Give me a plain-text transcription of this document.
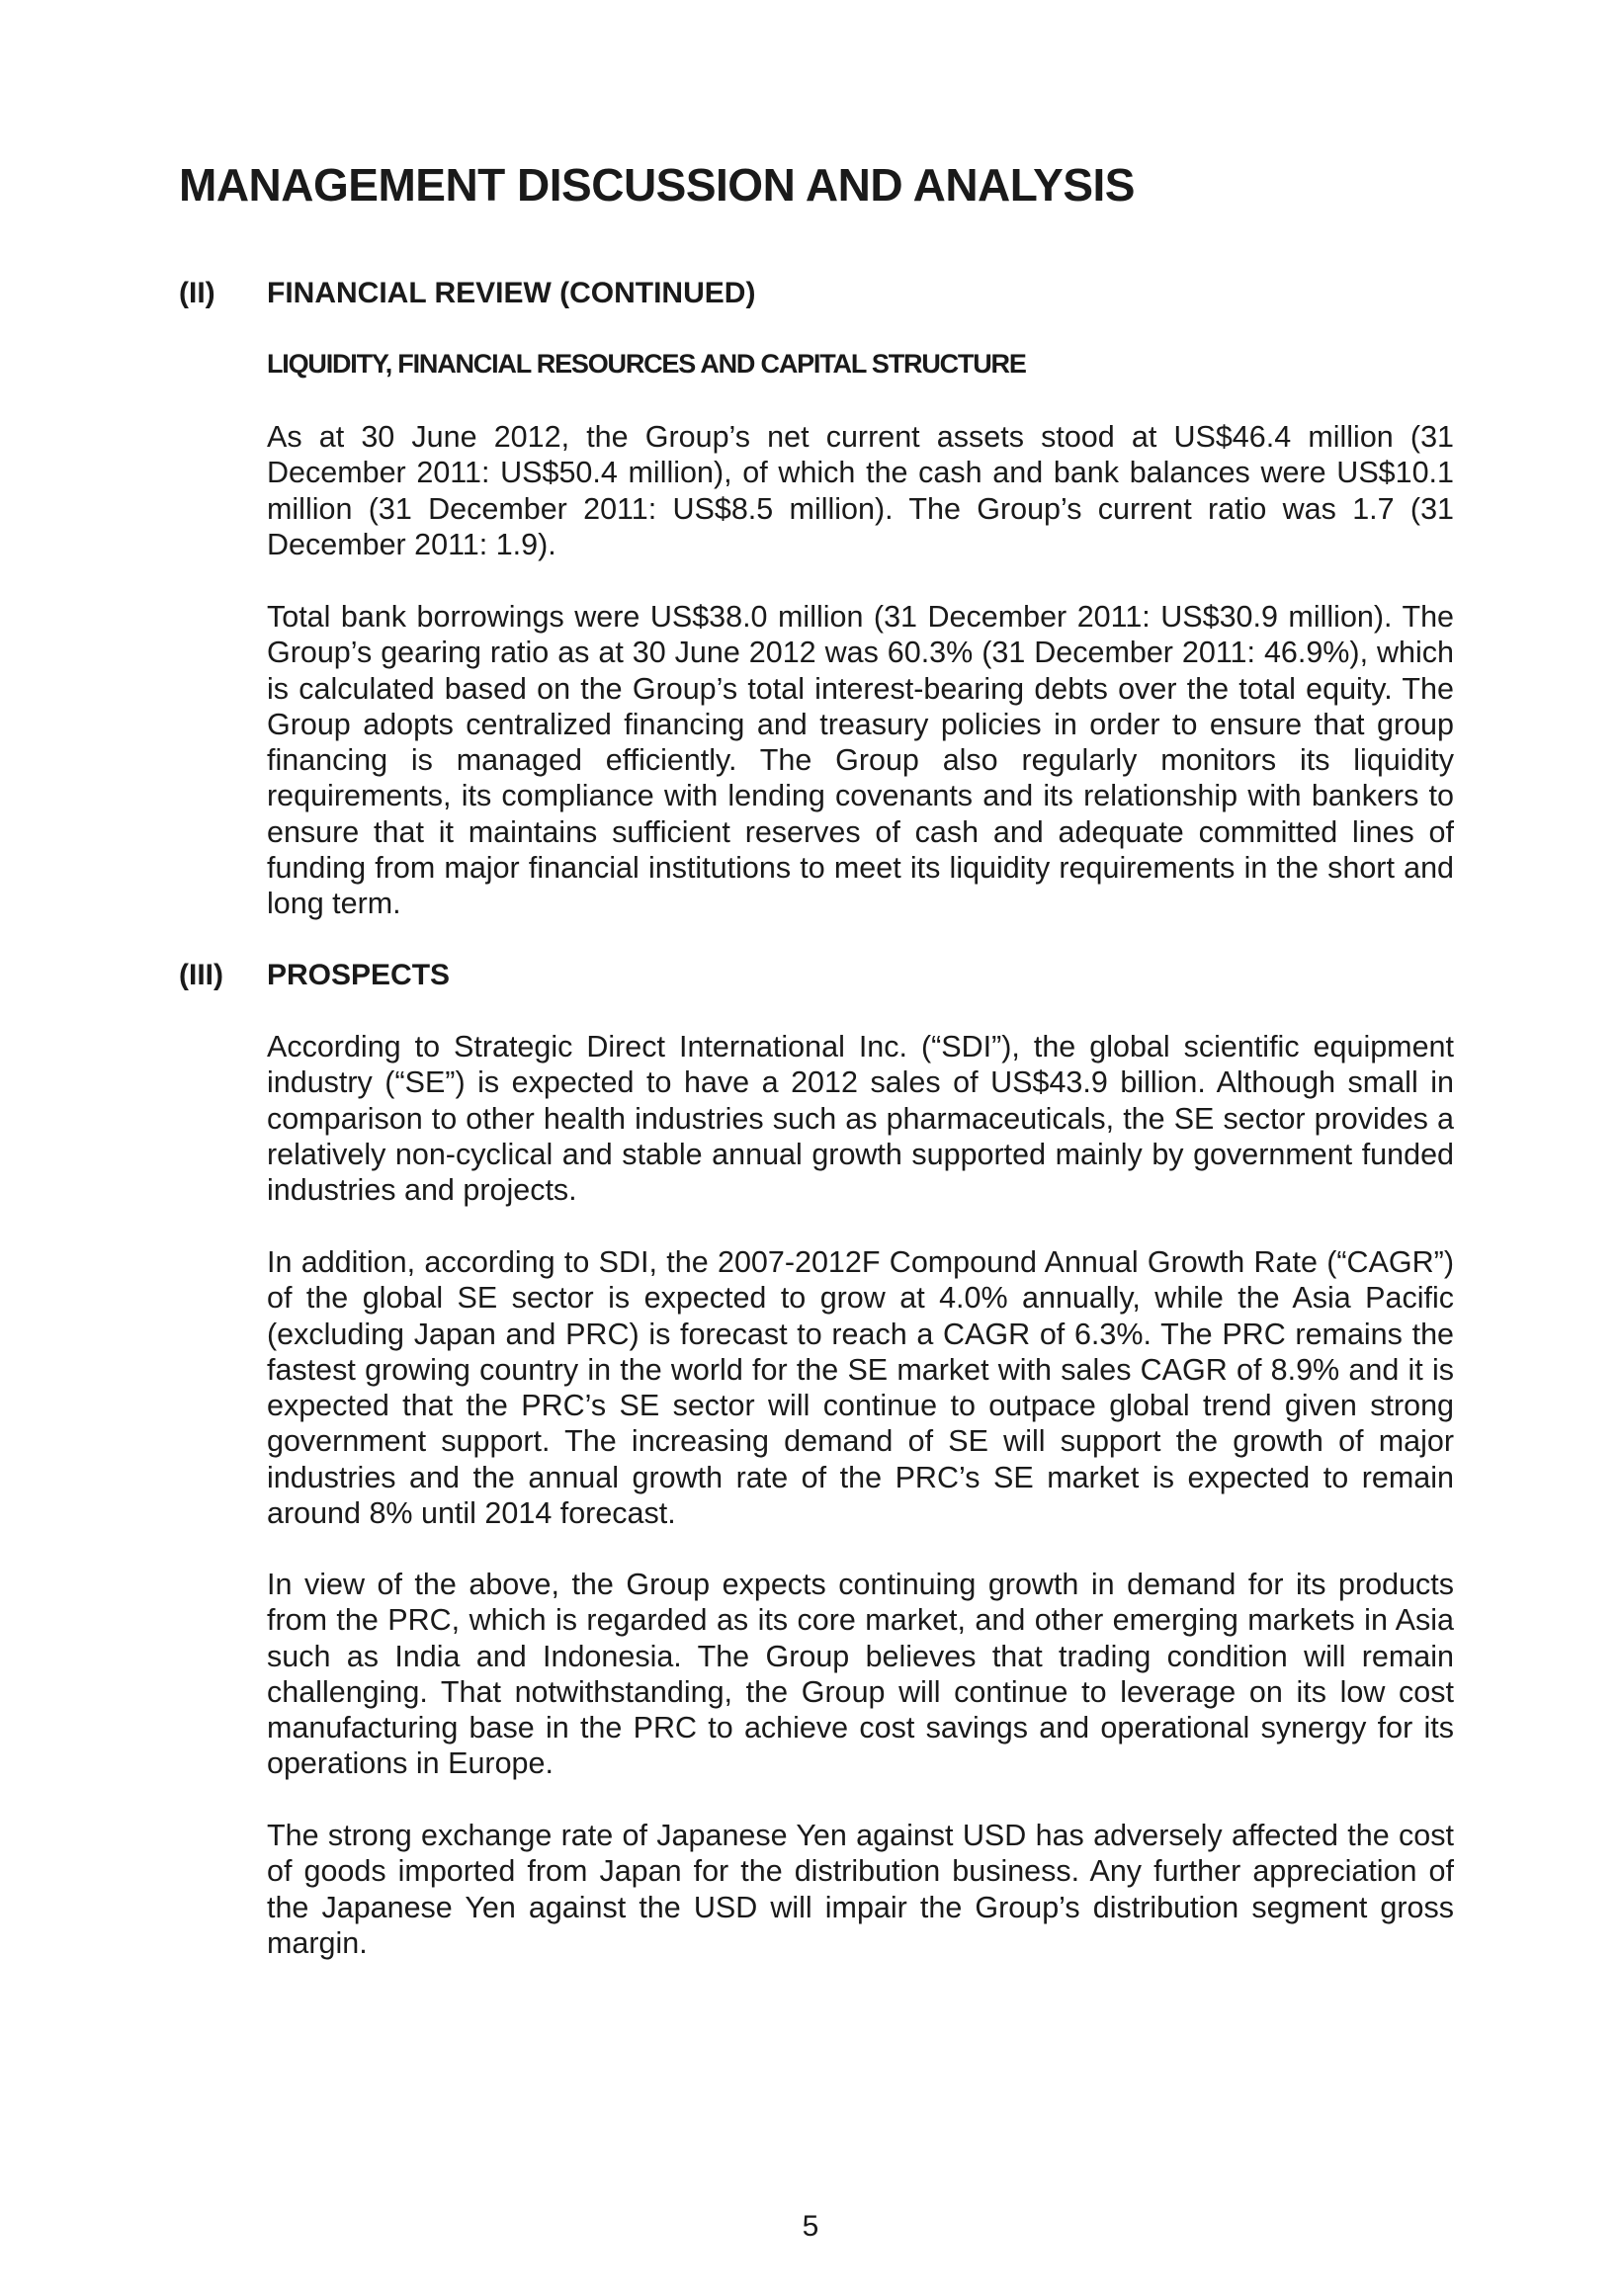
MANAGEMENT DISCUSSION AND ANALYSIS
(II) FINANCIAL REVIEW (CONTINUED)
LIQUIDITY, FINANCIAL RESOURCES AND CAPITAL STRUCTURE

As at 30 June 2012, the Group’s net current assets stood at US$46.4 million (31 December 2011: US$50.4 million), of which the cash and bank balances were US$10.1 million (31 December 2011: US$8.5 million). The Group’s current ratio was 1.7 (31 December 2011: 1.9).

Total bank borrowings were US$38.0 million (31 December 2011: US$30.9 million). The Group’s gearing ratio as at 30 June 2012 was 60.3% (31 December 2011: 46.9%), which is calculated based on the Group’s total interest-bearing debts over the total equity. The Group adopts centralized financing and treasury policies in order to ensure that group financing is managed efficiently. The Group also regularly monitors its liquidity requirements, its compliance with lending covenants and its relationship with bankers to ensure that it maintains sufficient reserves of cash and adequate committed lines of funding from major financial institutions to meet its liquidity requirements in the short and long term.

(III) PROSPECTS

According to Strategic Direct International Inc. (“SDI”), the global scientific equipment industry (“SE”) is expected to have a 2012 sales of US$43.9 billion. Although small in comparison to other health industries such as pharmaceuticals, the SE sector provides a relatively non-cyclical and stable annual growth supported mainly by government funded industries and projects.

In addition, according to SDI, the 2007-2012F Compound Annual Growth Rate (“CAGR”) of the global SE sector is expected to grow at 4.0% annually, while the Asia Pacific (excluding Japan and PRC) is forecast to reach a CAGR of 6.3%. The PRC remains the fastest growing country in the world for the SE market with sales CAGR of 8.9% and it is expected that the PRC’s SE sector will continue to outpace global trend given strong government support. The increasing demand of SE will support the growth of major industries and the annual growth rate of the PRC’s SE market is expected to remain around 8% until 2014 forecast.

In view of the above, the Group expects continuing growth in demand for its products from the PRC, which is regarded as its core market, and other emerging markets in Asia such as India and Indonesia. The Group believes that trading condition will remain challenging. That notwithstanding, the Group will continue to leverage on its low cost manufacturing base in the PRC to achieve cost savings and operational synergy for its operations in Europe.

The strong exchange rate of Japanese Yen against USD has adversely affected the cost of goods imported from Japan for the distribution business. Any further appreciation of the Japanese Yen against the USD will impair the Group’s distribution segment gross margin.

5
